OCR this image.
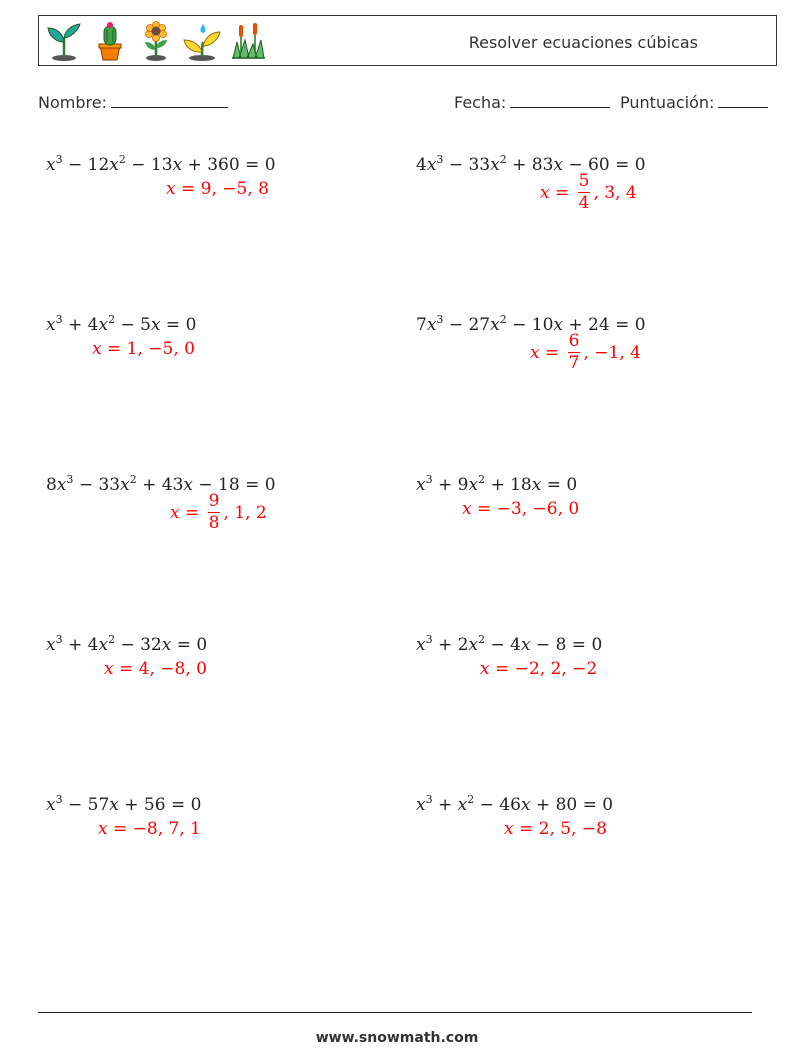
Resolver ecuaciones cúbicas
Nombre:	Fecha:	Puntuación:
$x^3 - 12x^2 - 13x + 360 = 0$
x = 9, −5, 8
$4x^3 - 33x^2 + 83x - 60 = 0$
$x = \frac{5}{4}$ , 3, 4
$x^3 + 4x^2 - 5x = 0$
x = 1, −5, 0
$7x^3 - 27x^2 - 10x + 24 = 0$
$x = \frac{6}{7}$ , −1, 4
$8x^3 - 33x^2 + 43x - 18 = 0$
$x = \frac{9}{8}$ , 1, 2
$x^3 + 9x^2 + 18x = 0$
x = −3, −6, 0
$x^3 + 4x^2 - 32x = 0$
x = 4, −8, 0
$x^3 + 2x^2 - 4x - 8 = 0$
x = −2, 2, −2
$x^3 - 57x + 56 = 0$
x = −8, 7, 1
$x^3 + x^2 - 46x + 80 = 0$
x = 2, 5, −8
www.snowmath.com
